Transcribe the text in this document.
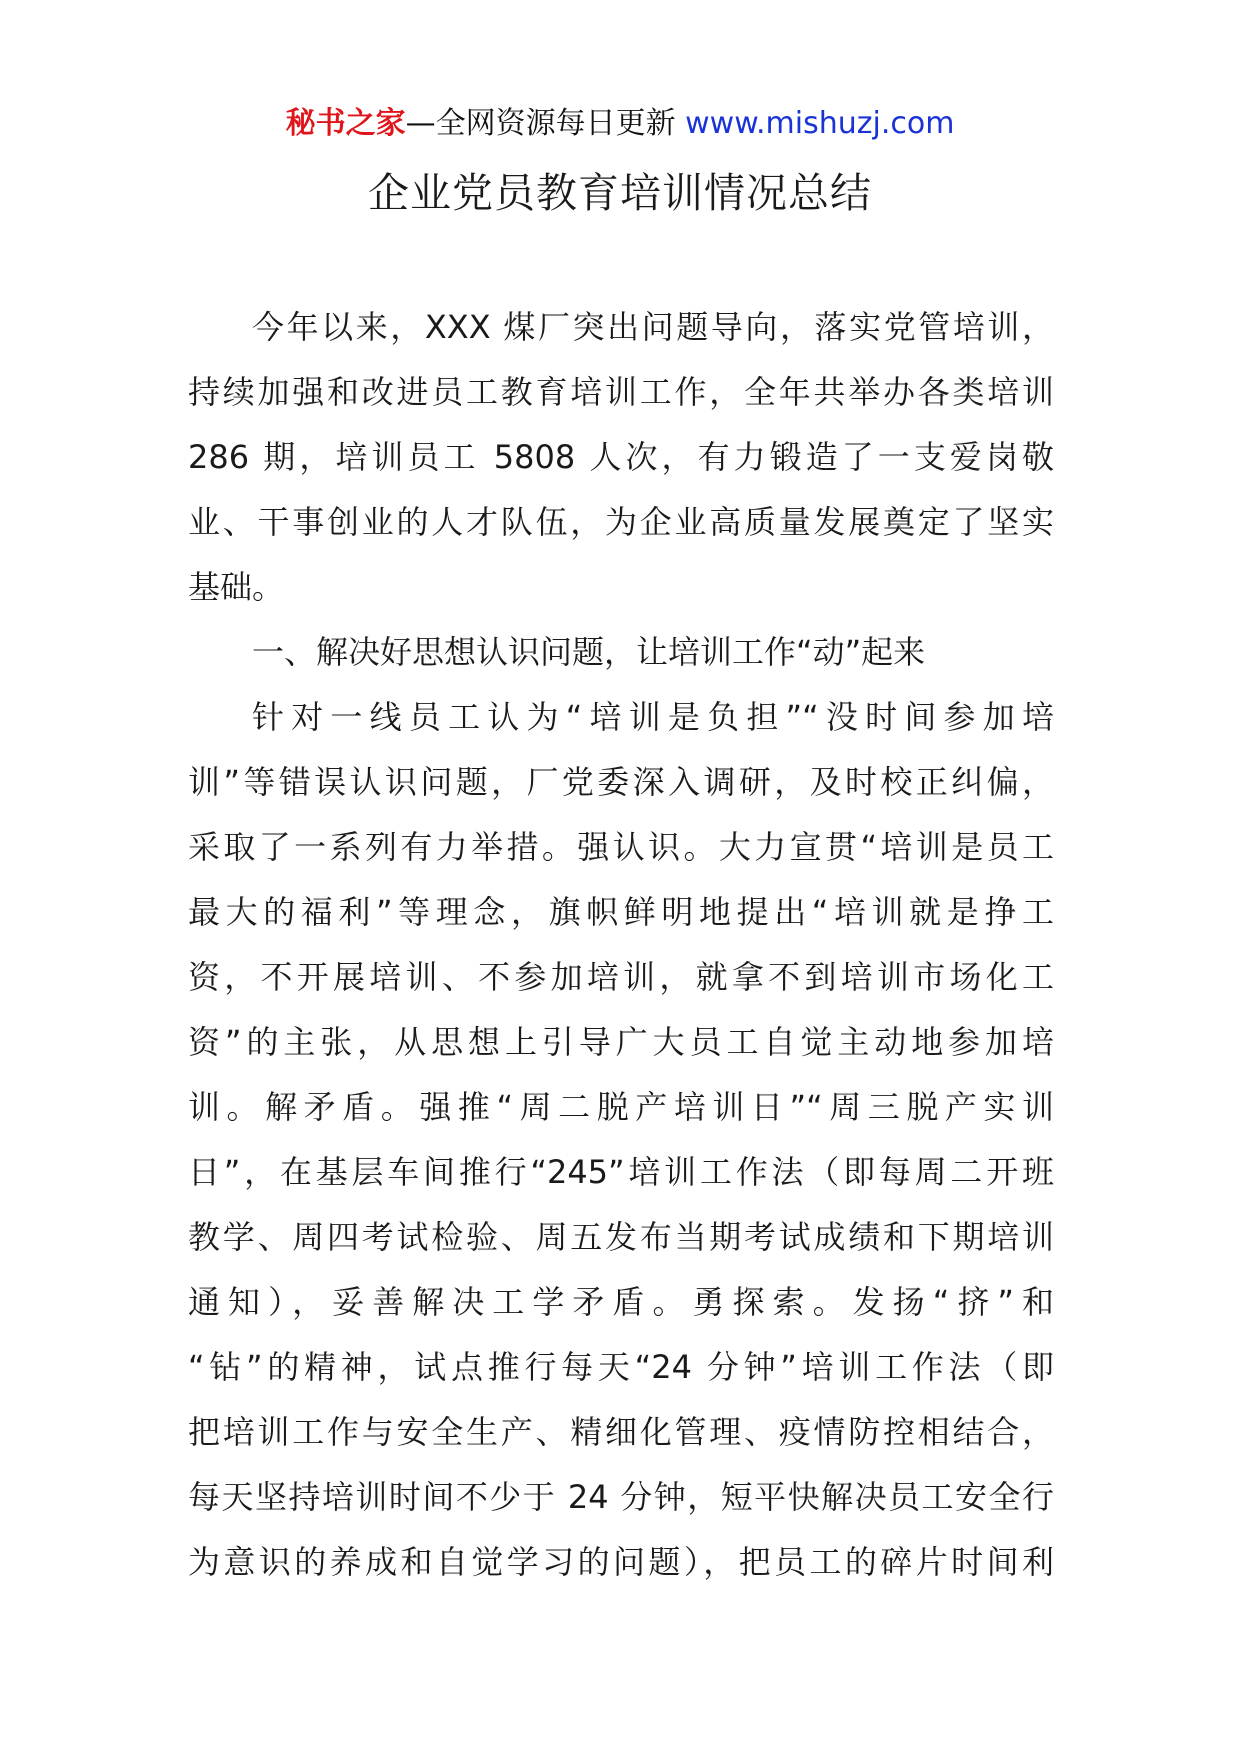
秘书之家—全网资源每日更新 www.mishuzj.com
企业党员教育培训情况总结
今年以来，XXX 煤厂突出问题导向，落实党管培训，
持续加强和改进员工教育培训工作，全年共举办各类培训
286 期，培训员工 5808 人次，有力锻造了一支爱岗敬
业、干事创业的人才队伍，为企业高质量发展奠定了坚实
基础。
一、解决好思想认识问题，让培训工作“动”起来
针对一线员工认为“培训是负担”“没时间参加培
训”等错误认识问题，厂党委深入调研，及时校正纠偏，
采取了一系列有力举措。强认识。大力宣贯“培训是员工
最大的福利”等理念，旗帜鲜明地提出“培训就是挣工
资，不开展培训、不参加培训，就拿不到培训市场化工
资”的主张，从思想上引导广大员工自觉主动地参加培
训。解矛盾。强推“周二脱产培训日”“周三脱产实训
日”，在基层车间推行“245”培训工作法（即每周二开班
教学、周四考试检验、周五发布当期考试成绩和下期培训
通知），妥善解决工学矛盾。勇探索。发扬“挤”和
“钻”的精神，试点推行每天“24 分钟”培训工作法（即
把培训工作与安全生产、精细化管理、疫情防控相结合，
每天坚持培训时间不少于 24 分钟，短平快解决员工安全行
为意识的养成和自觉学习的问题），把员工的碎片时间利
